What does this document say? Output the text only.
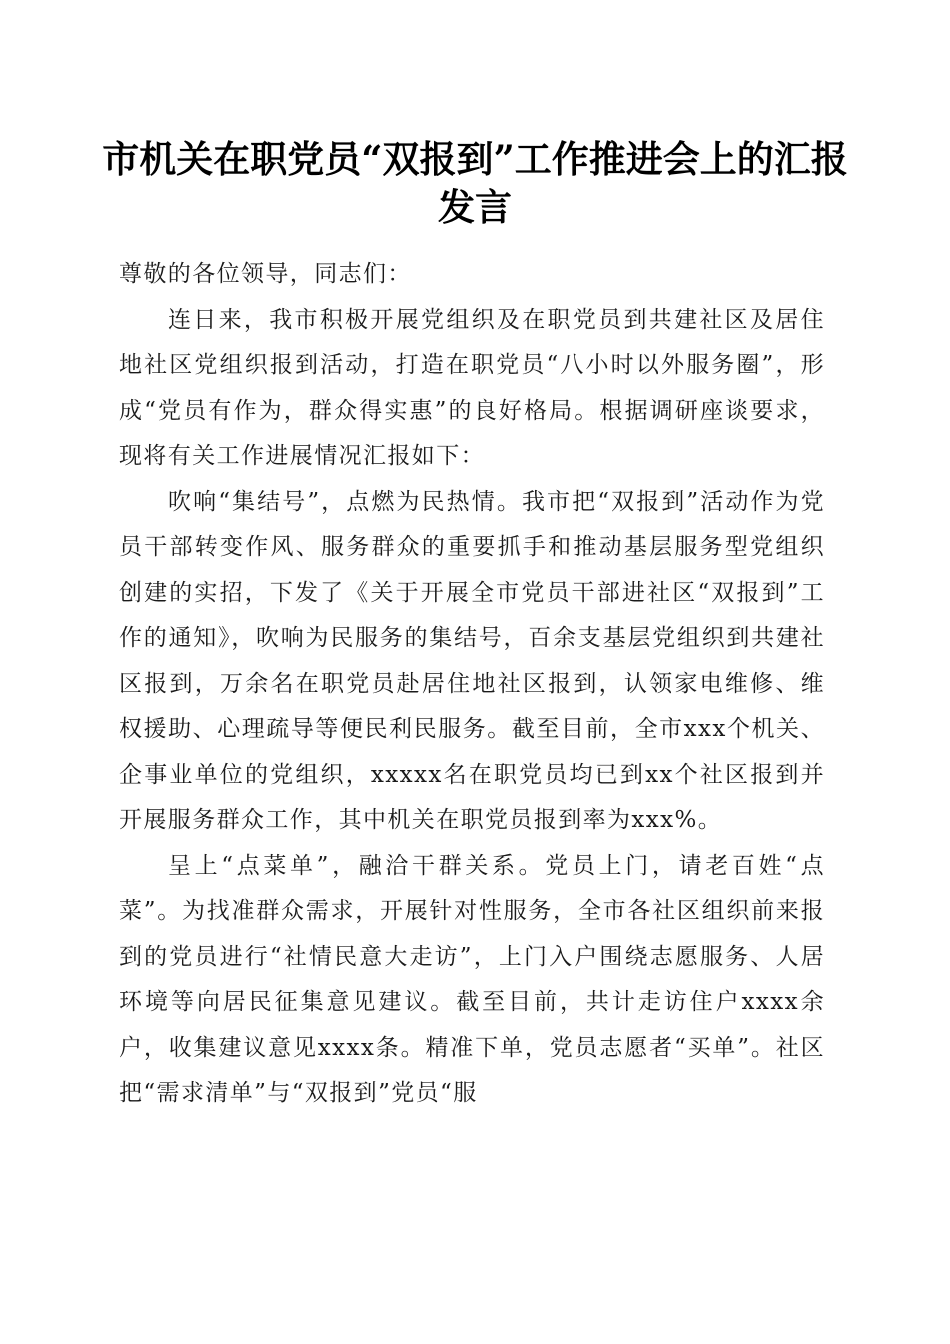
市机关在职党员“双报到”工作推进会上的汇报发言

尊敬的各位领导，同志们：

连日来，我市积极开展党组织及在职党员到共建社区及居住地社区党组织报到活动，打造在职党员“八小时以外服务圈”，形成“党员有作为，群众得实惠”的良好格局。根据调研座谈要求，现将有关工作进展情况汇报如下：

吹响“集结号”，点燃为民热情。我市把“双报到”活动作为党员干部转变作风、服务群众的重要抓手和推动基层服务型党组织创建的实招，下发了《关于开展全市党员干部进社区“双报到”工作的通知》，吹响为民服务的集结号，百余支基层党组织到共建社区报到，万余名在职党员赴居住地社区报到，认领家电维修、维权援助、心理疏导等便民利民服务。截至目前，全市xxx个机关、企事业单位的党组织，xxxxx名在职党员均已到xx个社区报到并开展服务群众工作，其中机关在职党员报到率为xxx%。

呈上“点菜单”，融洽干群关系。党员上门，请老百姓“点菜”。为找准群众需求，开展针对性服务，全市各社区组织前来报到的党员进行“社情民意大走访”，上门入户围绕志愿服务、人居环境等向居民征集意见建议。截至目前，共计走访住户xxxx余户，收集建议意见xxxx条。精准下单，党员志愿者“买单”。社区把“需求清单”与“双报到”党员“服
